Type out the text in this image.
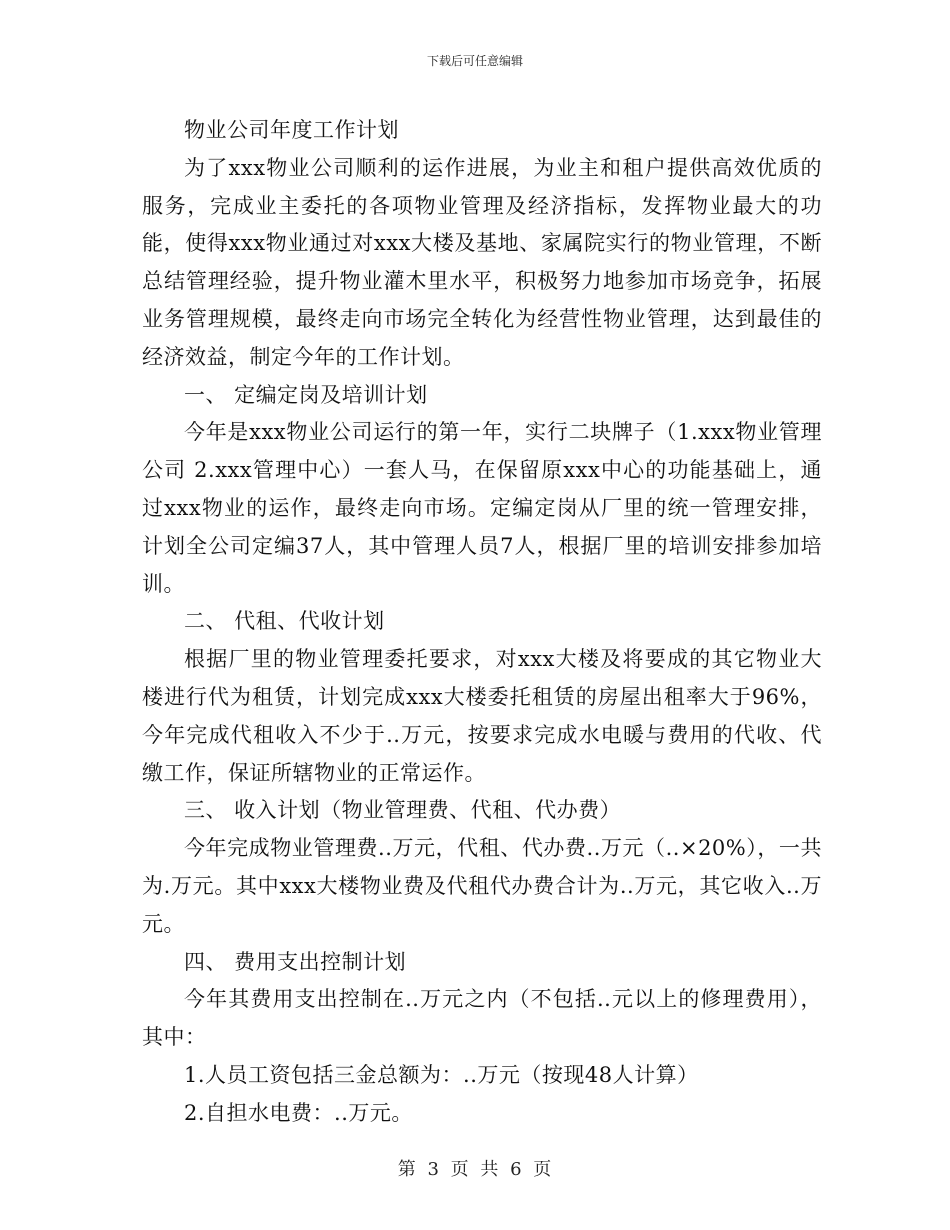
下载后可任意编辑

物业公司年度工作计划

为了xxx物业公司顺利的运作进展，为业主和租户提供高效优质的服务，完成业主委托的各项物业管理及经济指标，发挥物业最大的功能，使得xxx物业通过对xxx大楼及基地、家属院实行的物业管理，不断总结管理经验，提升物业灌木里水平，积极努力地参加市场竞争，拓展业务管理规模，最终走向市场完全转化为经营性物业管理，达到最佳的经济效益，制定今年的工作计划。

一、 定编定岗及培训计划

今年是xxx物业公司运行的第一年，实行二块牌子（1.xxx物业管理公司 2.xxx管理中心）一套人马，在保留原xxx中心的功能基础上，通过xxx物业的运作，最终走向市场。定编定岗从厂里的统一管理安排，计划全公司定编37人，其中管理人员7人，根据厂里的培训安排参加培训。

二、 代租、代收计划

根据厂里的物业管理委托要求，对xxx大楼及将要成的其它物业大楼进行代为租赁，计划完成xxx大楼委托租赁的房屋出租率大于96%，今年完成代租收入不少于..万元，按要求完成水电暖与费用的代收、代缴工作，保证所辖物业的正常运作。

三、 收入计划（物业管理费、代租、代办费）

今年完成物业管理费..万元，代租、代办费..万元（..×20%），一共为.万元。其中xxx大楼物业费及代租代办费合计为..万元，其它收入..万元。

四、 费用支出控制计划

今年其费用支出控制在..万元之内（不包括..元以上的修理费用），其中：

1.人员工资包括三金总额为：..万元（按现48人计算）

2.自担水电费：..万元。

第 3 页 共 6 页
